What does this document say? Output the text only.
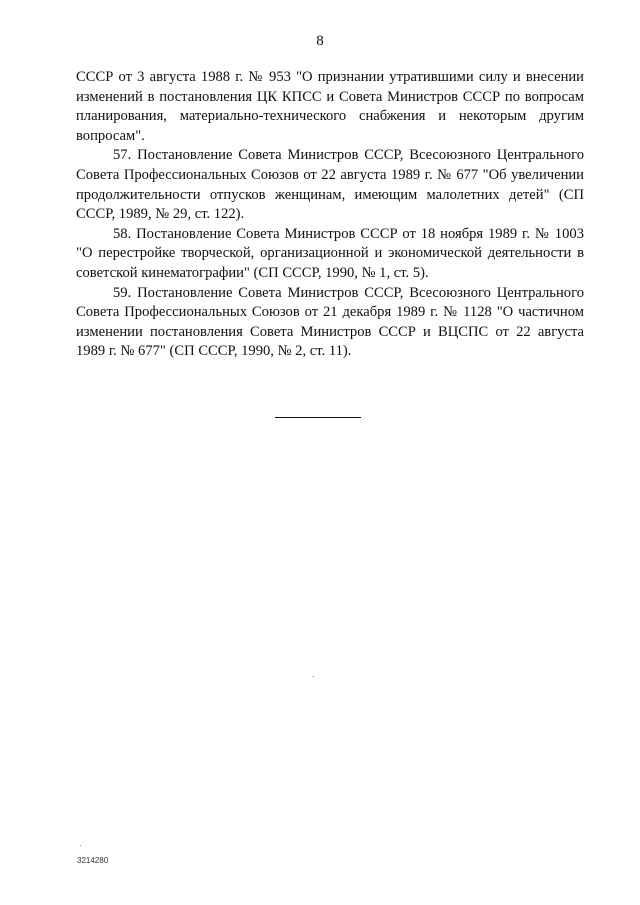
8

СССР от 3 августа 1988 г. № 953 "О признании утратившими силу и внесении изменений в постановления ЦК КПСС и Совета Министров СССР по вопросам планирования, материально-технического снабжения и некоторым другим вопросам".

57. Постановление Совета Министров СССР, Всесоюзного Центрального Совета Профессиональных Союзов от 22 августа 1989 г. № 677 "Об увеличении продолжительности отпусков женщинам, имеющим малолетних детей" (СП СССР, 1989, № 29, ст. 122).

58. Постановление Совета Министров СССР от 18 ноября 1989 г. № 1003 "О перестройке творческой, организационной и экономической деятельности в советской кинематографии" (СП СССР, 1990, № 1, ст. 5).

59. Постановление Совета Министров СССР, Всесоюзного Центрального Совета Профессиональных Союзов от 21 декабря 1989 г. № 1128 "О частичном изменении постановления Совета Министров СССР и ВЦСПС от 22 августа 1989 г. № 677" (СП СССР, 1990, № 2, ст. 11).

3214280
